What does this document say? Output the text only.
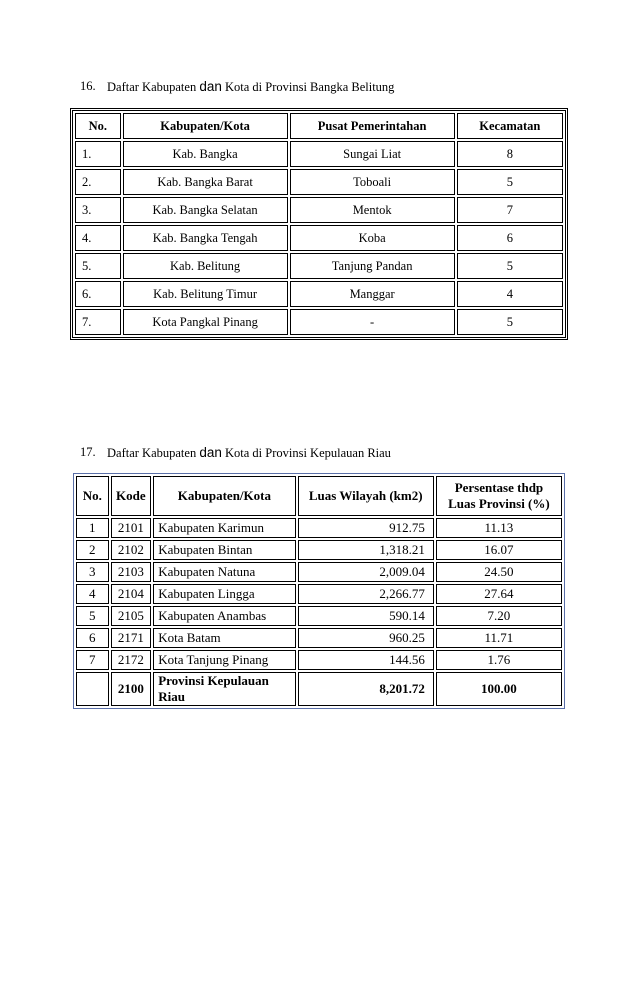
16. Daftar Kabupaten dan Kota di Provinsi Bangka Belitung
No.	Kabupaten/Kota	Pusat Pemerintahan	Kecamatan
1.	Kab. Bangka	Sungai Liat	8
2.	Kab. Bangka Barat	Toboali	5
3.	Kab. Bangka Selatan	Mentok	7
4.	Kab. Bangka Tengah	Koba	6
5.	Kab. Belitung	Tanjung Pandan	5
6.	Kab. Belitung Timur	Manggar	4
7.	Kota Pangkal Pinang	-	5
17. Daftar Kabupaten dan Kota di Provinsi Kepulauan Riau
No.	Kode	Kabupaten/Kota	Luas Wilayah (km2)	Persentase thdp Luas Provinsi (%)
1	2101	Kabupaten Karimun	912.75	11.13
2	2102	Kabupaten Bintan	1,318.21	16.07
3	2103	Kabupaten Natuna	2,009.04	24.50
4	2104	Kabupaten Lingga	2,266.77	27.64
5	2105	Kabupaten Anambas	590.14	7.20
6	2171	Kota Batam	960.25	11.71
7	2172	Kota Tanjung Pinang	144.56	1.76
	2100	Provinsi Kepulauan Riau	8,201.72	100.00
